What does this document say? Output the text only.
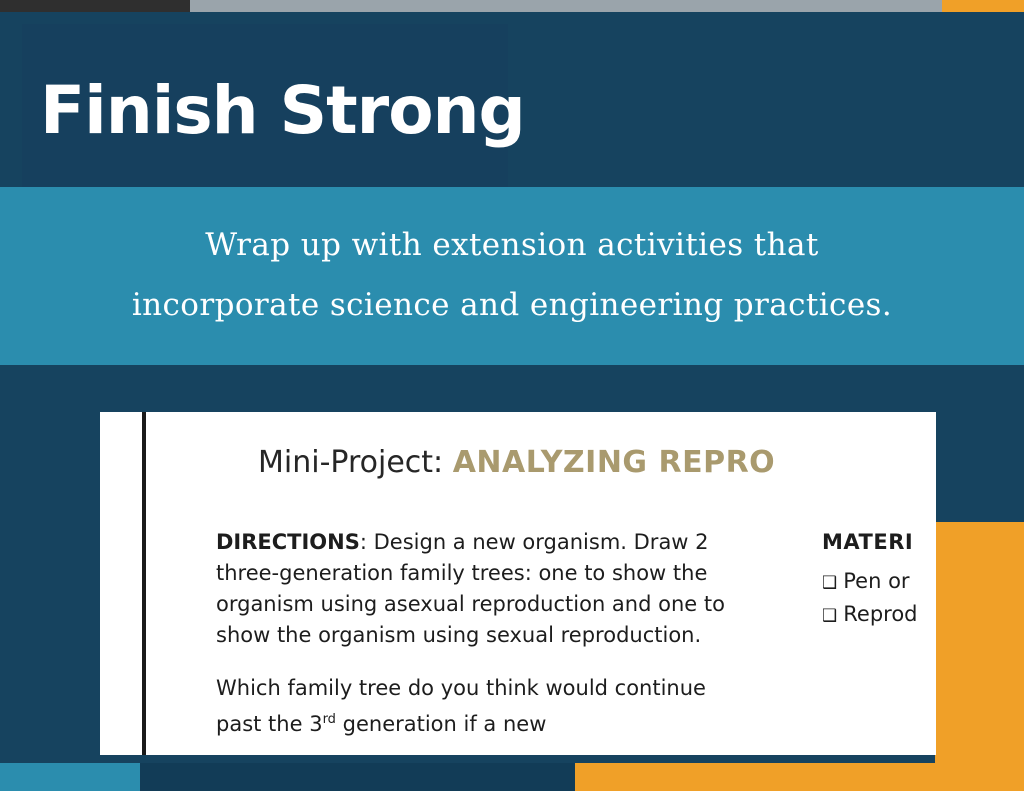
Finish Strong
Wrap up with extension activities that
incorporate science and engineering practices.
Mini-Project: ANALYZING REPRO

DIRECTIONS: Design a new organism. Draw 2 three-generation family trees: one to show the organism using asexual reproduction and one to show the organism using sexual reproduction.

Which family tree do you think would continue past the 3rd generation if a new

MATERI
❑ Pen or
❑ Reprod
